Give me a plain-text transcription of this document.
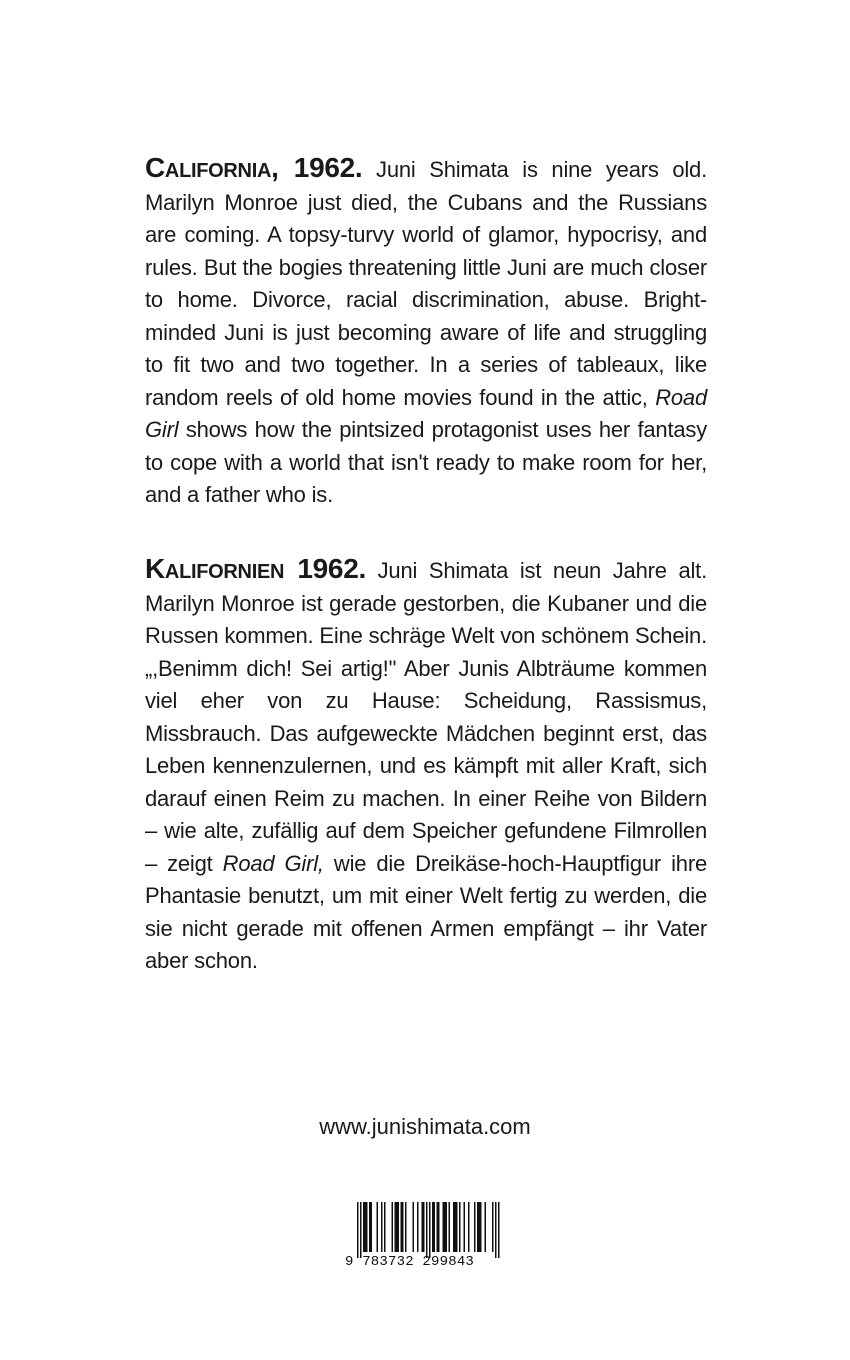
California, 1962. Juni Shimata is nine years old. Marilyn Monroe just died, the Cubans and the Russians are coming. A topsy-turvy world of glamor, hypocrisy, and rules. But the bogies threatening little Juni are much closer to home. Divorce, racial discrimination, abuse. Bright-minded Juni is just becoming aware of life and struggling to fit two and two together. In a series of tableaux, like random reels of old home movies found in the attic, Road Girl shows how the pintsized protagonist uses her fantasy to cope with a world that isn't ready to make room for her, and a father who is.

Kalifornien 1962. Juni Shimata ist neun Jahre alt. Marilyn Monroe ist gerade gestorben, die Kubaner und die Russen kommen. Eine schräge Welt von schönem Schein. „,Benimm dich! Sei artig!" Aber Junis Albträume kommen viel eher von zu Hause: Scheidung, Rassismus, Missbrauch. Das aufgeweckte Mädchen beginnt erst, das Leben kennenzulernen, und es kämpft mit aller Kraft, sich darauf einen Reim zu machen. In einer Reihe von Bildern – wie alte, zufällig auf dem Speicher gefundene Filmrollen – zeigt Road Girl, wie die Dreikäse-hoch-Hauptfigur ihre Phantasie benutzt, um mit einer Welt fertig zu werden, die sie nicht gerade mit offenen Armen empfängt – ihr Vater aber schon.

www.junishimata.com
9 783732 299843
